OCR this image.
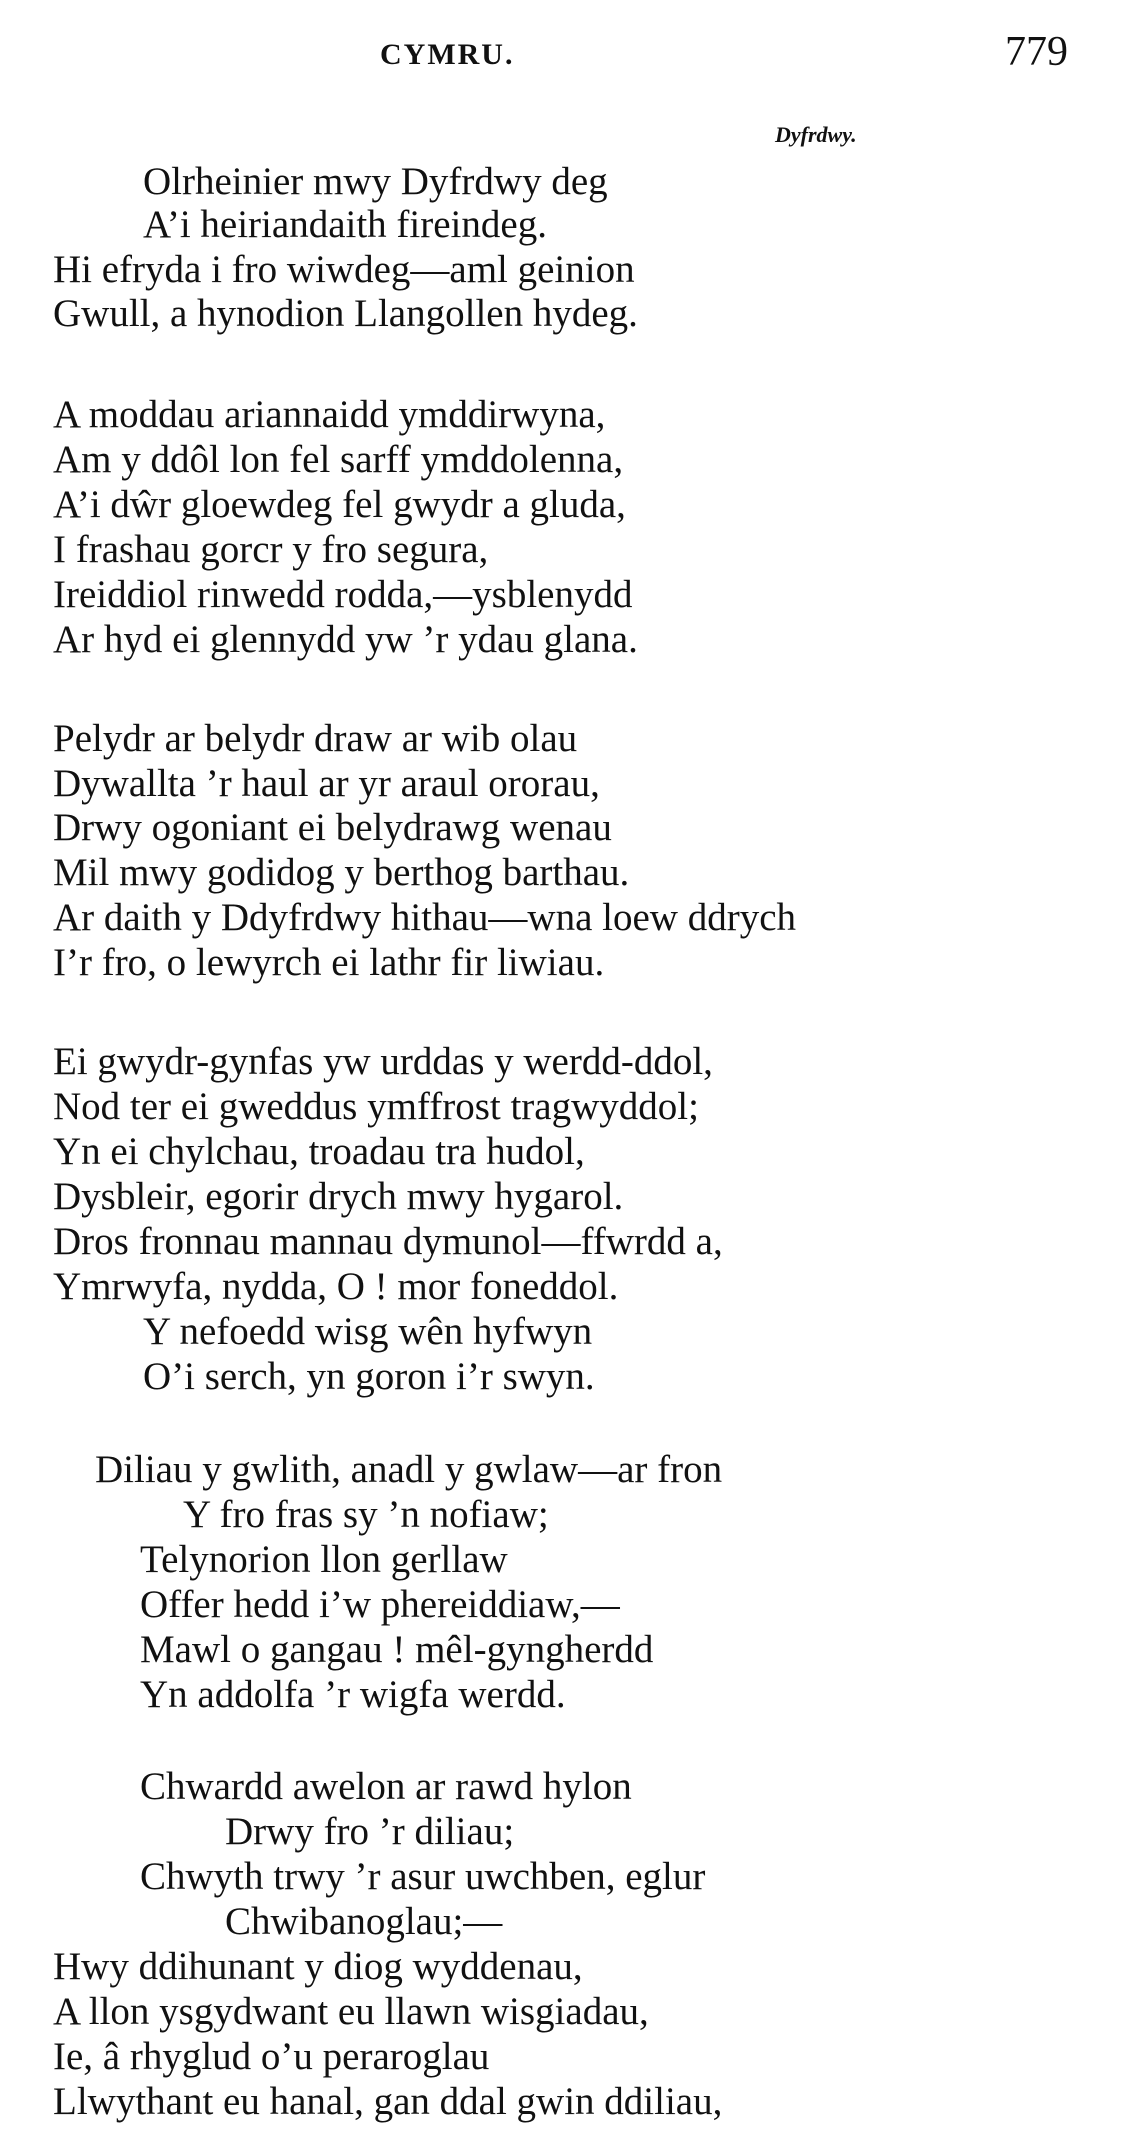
CYMRU.	779
Dyfrdwy.
Olrheinier mwy Dyfrdwy deg
A’i heiriandaith fireindeg.
Hi efryda i fro wiwdeg—aml geinion
Gwull, a hynodion Llangollen hydeg.
A moddau ariannaidd ymddirwyna,
Am y ddôl lon fel sarff ymddolenna,
A’i dŵr gloewdeg fel gwydr a gluda,
I frashau gorcr y fro segura,
Ireiddiol rinwedd rodda,—ysblenydd
Ar hyd ei glennydd yw ’r ydau glana.
Pelydr ar belydr draw ar wib olau
Dywallta ’r haul ar yr araul ororau,
Drwy ogoniant ei belydrawg wenau
Mil mwy godidog y berthog barthau.
Ar daith y Ddyfrdwy hithau—wna loew ddrych
I’r fro, o lewyrch ei lathr fir liwiau.
Ei gwydr-gynfas yw urddas y werdd-ddol,
Nod ter ei gweddus ymffrost tragwyddol;
Yn ei chylchau, troadau tra hudol,
Dysbleir, egorir drych mwy hygarol.
Dros fronnau mannau dymunol—ffwrdd a,
Ymrwyfa, nydda, O ! mor foneddol.
Y nefoedd wisg wên hyfwyn
O’i serch, yn goron i’r swyn.
Diliau y gwlith, anadl y gwlaw—ar fron
Y fro fras sy ’n nofiaw;
Telynorion llon gerllaw
Offer hedd i’w phereiddiaw,—
Mawl o gangau ! mêl-gyngherdd
Yn addolfa ’r wigfa werdd.
Chwardd awelon ar rawd hylon
Drwy fro ’r diliau;
Chwyth trwy ’r asur uwchben, eglur
Chwibanoglau;—
Hwy ddihunant y diog wyddenau,
A llon ysgydwant eu llawn wisgiadau,
Ie, â rhyglud o’u peraroglau
Llwythant eu hanal, gan ddal gwin ddiliau,
